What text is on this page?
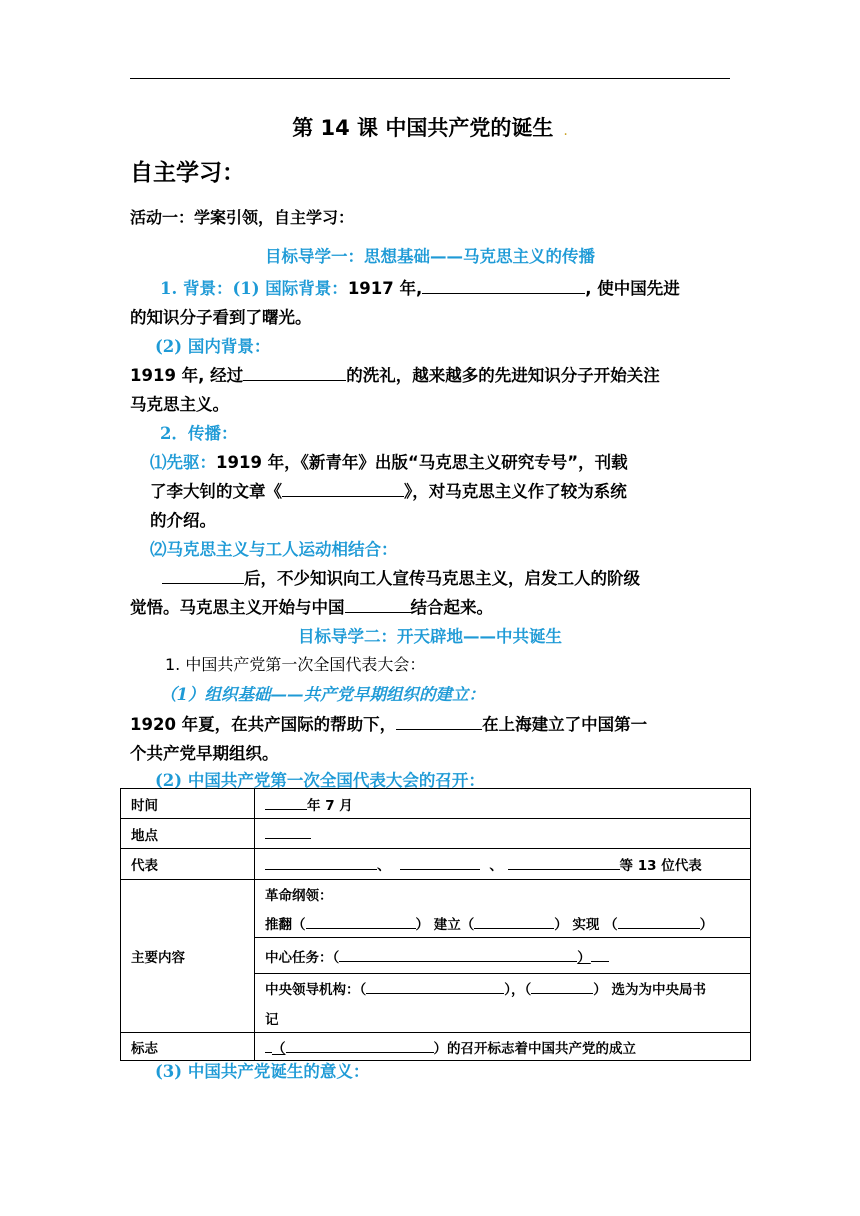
第 14 课 中国共产党的诞生 .
自主学习：
活动一：学案引领，自主学习：
目标导学一：思想基础——马克思主义的传播
1. 背景：(1) 国际背景：1917 年,	, 使中国先进
的知识分子看到了曙光。
(2) 国内背景：
1919 年, 经过	的洗礼，越来越多的先进知识分子开始关注
马克思主义。
2．传播：
⑴先驱：1919 年，《新青年》出版“马克思主义研究专号”，刊载
了李大钊的文章《	》，对马克思主义作了较为系统
的介绍。
⑵马克思主义与工人运动相结合：
后，不少知识向工人宣传马克思主义，启发工人的阶级
觉悟。马克思主义开始与中国	结合起来。
目标导学二：开天辟地——中共诞生
1. 中国共产党第一次全国代表大会：
（1）组织基础——共产党早期组织的建立：
1920 年夏，在共产国际的帮助下，	在上海建立了中国第一
个共产党早期组织。
(2) 中国共产党第一次全国代表大会的召开：
时间	年 7 月
地点	
代表	、 、 等 13 位代表
主要内容	革命纲领：
推翻（ ） 建立（ ） 实现 （ ）

	中心任务：（ ）

	中央领导机构：（ ），（ ） 选为为中央局书
记

标志	（ ）的召开标志着中国共产党的成立
(3) 中国共产党诞生的意义：
